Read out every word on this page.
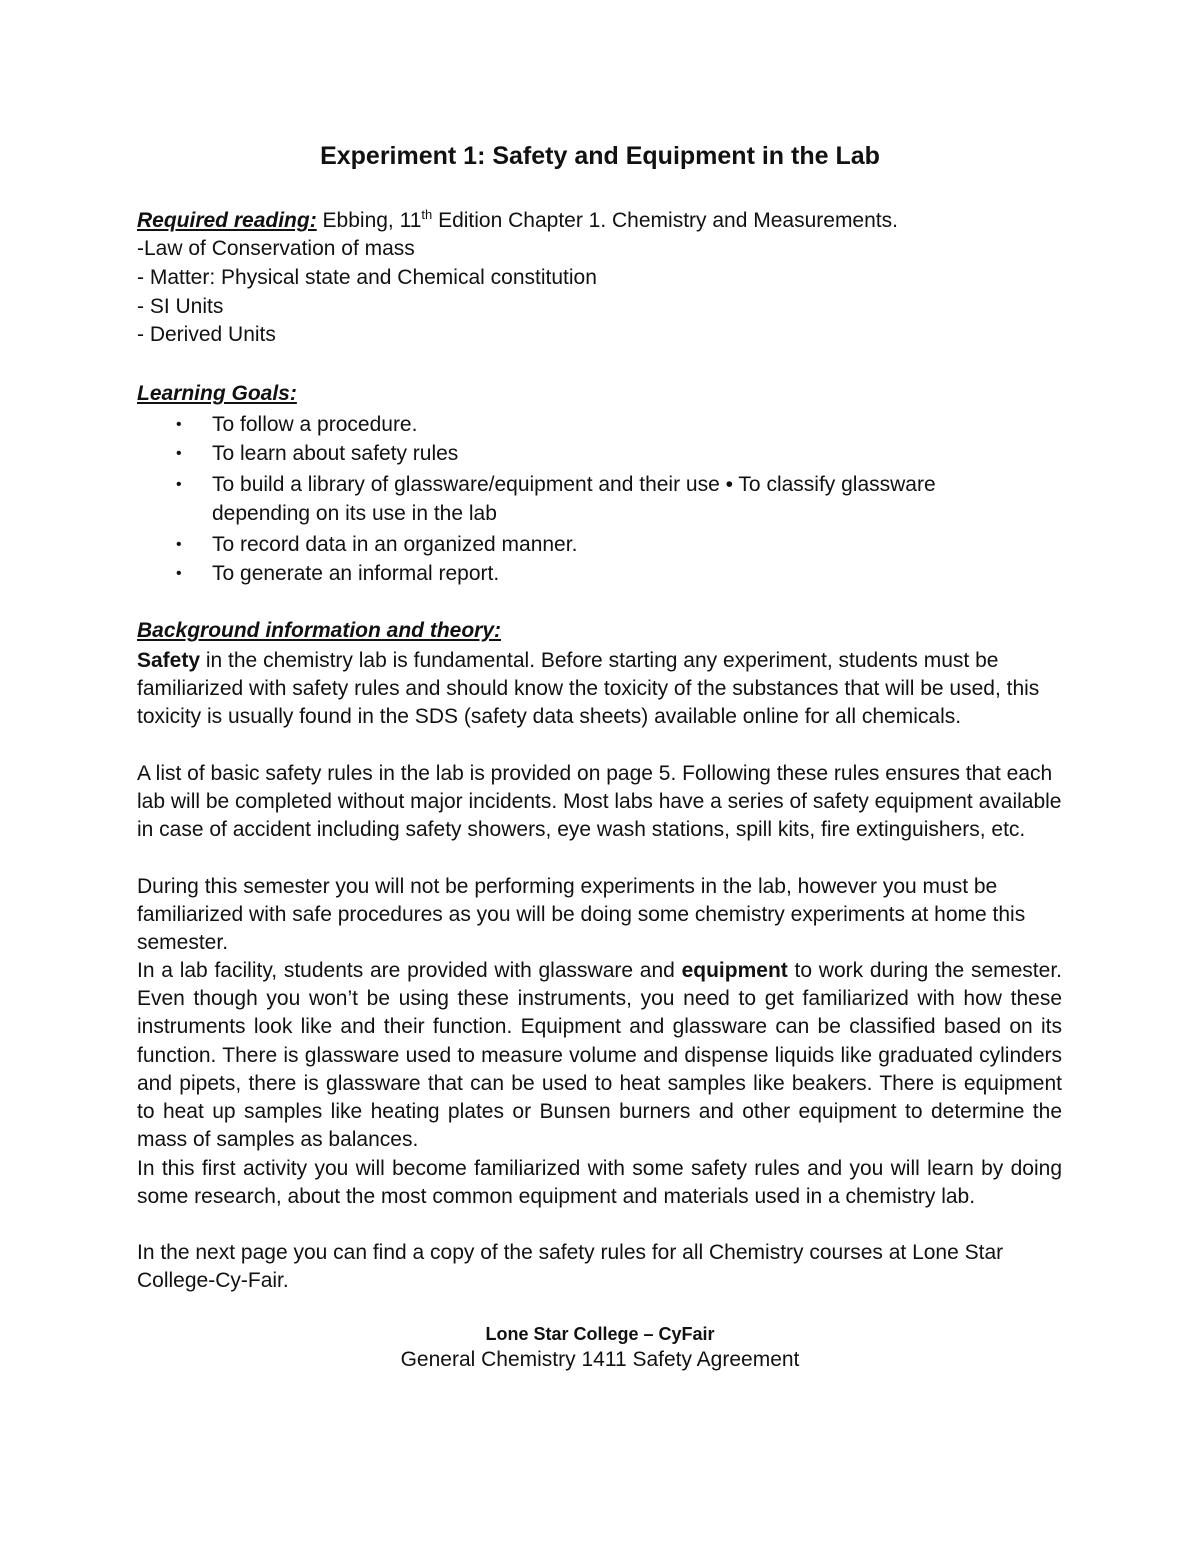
Experiment 1: Safety and Equipment in the Lab
Required reading: Ebbing, 11th Edition Chapter 1. Chemistry and Measurements.
-Law of Conservation of mass
- Matter: Physical state and Chemical constitution
- SI Units
- Derived Units
Learning Goals:
• To follow a procedure.
• To learn about safety rules
• To build a library of glassware/equipment and their use • To classify glassware
depending on its use in the lab
• To record data in an organized manner.
• To generate an informal report.
Background information and theory:
Safety in the chemistry lab is fundamental. Before starting any experiment, students must be familiarized with safety rules and should know the toxicity of the substances that will be used, this toxicity is usually found in the SDS (safety data sheets) available online for all chemicals.
A list of basic safety rules in the lab is provided on page 5. Following these rules ensures that each lab will be completed without major incidents. Most labs have a series of safety equipment available in case of accident including safety showers, eye wash stations, spill kits, fire extinguishers, etc.
During this semester you will not be performing experiments in the lab, however you must be familiarized with safe procedures as you will be doing some chemistry experiments at home this semester.
In a lab facility, students are provided with glassware and equipment to work during the semester. Even though you won’t be using these instruments, you need to get familiarized with how these instruments look like and their function. Equipment and glassware can be classified based on its function. There is glassware used to measure volume and dispense liquids like graduated cylinders and pipets, there is glassware that can be used to heat samples like beakers. There is equipment to heat up samples like heating plates or Bunsen burners and other equipment to determine the mass of samples as balances.
In this first activity you will become familiarized with some safety rules and you will learn by doing some research, about the most common equipment and materials used in a chemistry lab.
In the next page you can find a copy of the safety rules for all Chemistry courses at Lone Star College-Cy-Fair.
Lone Star College – CyFair
General Chemistry 1411 Safety Agreement
